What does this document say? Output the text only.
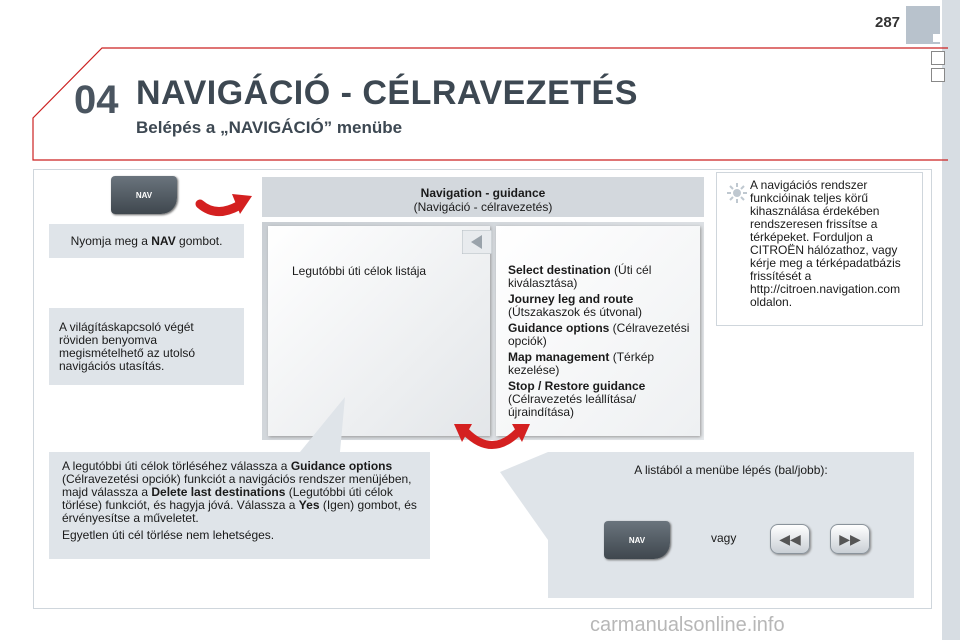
287
04 NAVIGÁCIÓ - CÉLRAVEZETÉS
Belépés a „NAVIGÁCIÓ” menübe
NAV
Nyomja meg a NAV gombot.
A világításkapcsoló végét röviden benyomva megismételhető az utolsó navigációs utasítás.
Navigation - guidance
(Navigáció - célravezetés)
Legutóbbi úti célok listája	Select destination (Úti cél kiválasztása)
Journey leg and route (Útszakaszok és útvonal)
Guidance options (Célravezetési opciók)
Map management (Térkép kezelése)
Stop / Restore guidance (Célravezetés leállítása/ újraindítása)
A navigációs rendszer funkcióinak teljes körű kihasználása érdekében rendszeresen frissítse a térképeket. Forduljon a CITROËN hálózathoz, vagy kérje meg a térképadatbázis frissítését a http://citroen.navigation.com oldalon.
A legutóbbi úti célok törléséhez válassza a Guidance options (Célravezetési opciók) funkciót a navigációs rendszer menüjében, majd válassza a Delete last destinations (Legutóbbi úti célok törlése) funkciót, és hagyja jóvá. Válassza a Yes (Igen) gombot, és érvényesítse a műveletet.
Egyetlen úti cél törlése nem lehetséges.
A listából a menübe lépés (bal/jobb):
NAV	vagy	◀◀	▶▶
carmanualsonline.info
